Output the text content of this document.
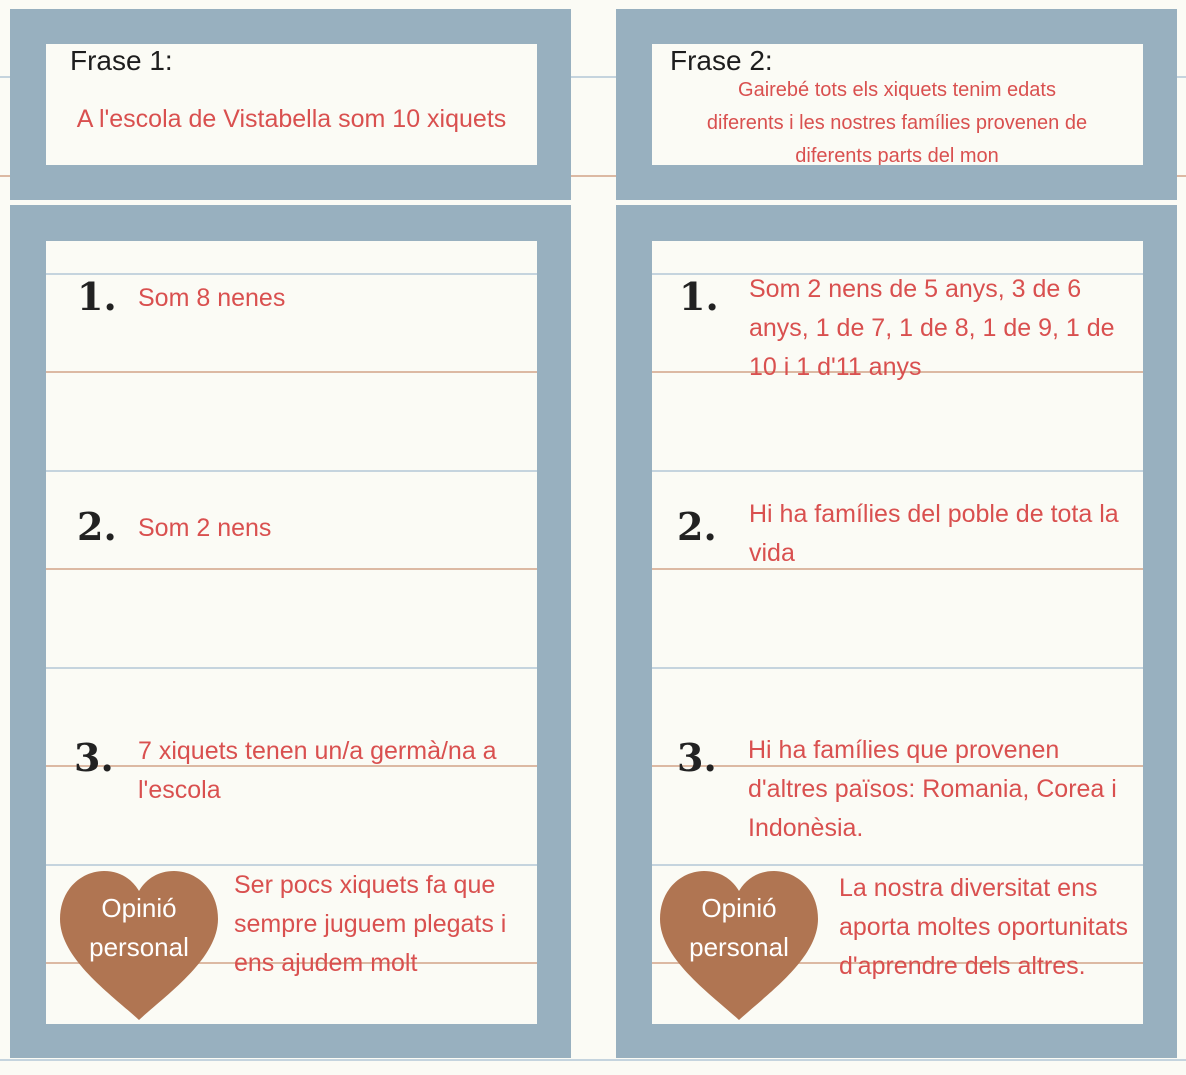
Frase 1:
A l'escola de Vistabella som 10 xiquets
1. Som 8 nenes
2. Som 2 nens
3. 7 xiquets tenen un/a germà/na a l'escola
Opinió
personal
Ser pocs xiquets fa que sempre juguem plegats i ens ajudem molt
Frase 2:
Gairebé tots els xiquets tenim edats diferents i les nostres famílies provenen de diferents parts del mon
1. Som 2 nens de 5 anys, 3 de 6 anys, 1 de 7, 1 de 8, 1 de 9, 1 de 10 i 1 d'11 anys
2. Hi ha famílies del poble de tota la vida
3. Hi ha famílies que provenen d'altres països: Romania, Corea i Indonèsia.
Opinió
personal
La nostra diversitat ens aporta moltes oportunitats d'aprendre dels altres.
